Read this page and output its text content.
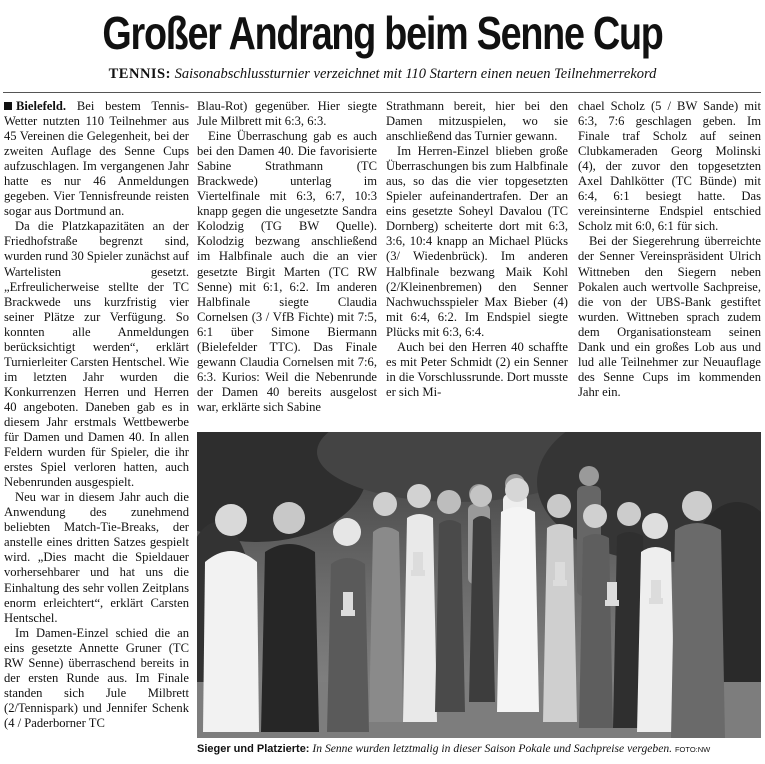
Großer Andrang beim Senne Cup
TENNIS: Saisonabschlussturnier verzeichnet mit 110 Startern einen neuen Teilnehmerrekord

Bielefeld. Bei bestem Tennis-Wetter nutzten 110 Teilnehmer aus 45 Vereinen die Gelegenheit, bei der zweiten Auflage des Senne Cups aufzuschlagen. Im vergangenen Jahr hatte es nur 46 Anmeldungen gegeben. Vier Tennisfreunde reisten sogar aus Dortmund an.

Da die Platzkapazitäten an der Friedhofstraße begrenzt sind, wurden rund 30 Spieler zunächst auf Wartelisten gesetzt. „Erfreulicherweise stellte der TC Brackwede uns kurzfristig vier seiner Plätze zur Verfügung. So konnten alle Anmeldungen berücksichtigt werden“, erklärt Turnierleiter Carsten Hentschel. Wie im letzten Jahr wurden die Konkurrenzen Herren und Herren 40 angeboten. Daneben gab es in diesem Jahr erstmals Wettbewerbe für Damen und Damen 40. In allen Feldern wurden für Spieler, die ihr erstes Spiel verloren hatten, auch Nebenrunden ausgespielt.

Neu war in diesem Jahr auch die Anwendung des zunehmend beliebten Match-Tie-Breaks, der anstelle eines dritten Satzes gespielt wird. „Dies macht die Spieldauer vorhersehbarer und hat uns die Einhaltung des sehr vollen Zeitplans enorm erleichtert“, erklärt Carsten Hentschel.

Im Damen-Einzel schied die an eins gesetzte Annette Gruner (TC RW Senne) überraschend bereits in der ersten Runde aus. Im Finale standen sich Jule Milbrett (2/Tennispark) und Jennifer Schenk (4 / Paderborner TC

Blau-Rot) gegenüber. Hier siegte Jule Milbrett mit 6:3, 6:3.

Eine Überraschung gab es auch bei den Damen 40. Die favorisierte Sabine Strathmann (TC Brackwede) unterlag im Viertelfinale mit 6:3, 6:7, 10:3 knapp gegen die ungesetzte Sandra Kolodzig (TG BW Quelle). Kolodzig bezwang anschließend im Halbfinale auch die an vier gesetzte Birgit Marten (TC RW Senne) mit 6:1, 6:2. Im anderen Halbfinale siegte Claudia Cornelsen (3 / VfB Fichte) mit 7:5, 6:1 über Simone Biermann (Bielefelder TTC). Das Finale gewann Claudia Cornelsen mit 7:6, 6:3. Kurios: Weil die Nebenrunde der Damen 40 bereits ausgelost war, erklärte sich Sabine

Strathmann bereit, hier bei den Damen mitzuspielen, wo sie anschließend das Turnier gewann.

Im Herren-Einzel blieben große Überraschungen bis zum Halbfinale aus, so das die vier topgesetzten Spieler aufeinandertrafen. Der an eins gesetzte Soheyl Davalou (TC Dornberg) scheiterte dort mit 6:3, 3:6, 10:4 knapp an Michael Plücks (3/ Wiedenbrück). Im anderen Halbfinale bezwang Maik Kohl (2/Kleinenbremen) den Senner Nachwuchsspieler Max Bieber (4) mit 6:4, 6:2. Im Endspiel siegte Plücks mit 6:3, 6:4.

Auch bei den Herren 40 schaffte es mit Peter Schmidt (2) ein Senner in die Vorschlussrunde. Dort musste er sich Mi-

chael Scholz (5 / BW Sande) mit 6:3, 7:6 geschlagen geben. Im Finale traf Scholz auf seinen Clubkameraden Georg Molinski (4), der zuvor den topgesetzten Axel Dahlkötter (TC Bünde) mit 6:4, 6:1 besiegt hatte. Das vereinsinterne Endspiel entschied Scholz mit 6:0, 6:1 für sich.

Bei der Siegerehrung überreichte der Senner Vereinspräsident Ulrich Wittneben den Siegern neben Pokalen auch wertvolle Sachpreise, die von der UBS-Bank gestiftet wurden. Wittneben sprach zudem dem Organisationsteam seinen Dank und ein großes Lob aus und lud alle Teilnehmer zur Neuauflage des Senne Cups im kommenden Jahr ein.

Sieger und Platzierte: In Senne wurden letztmalig in dieser Saison Pokale und Sachpreise vergeben. FOTO:NW
